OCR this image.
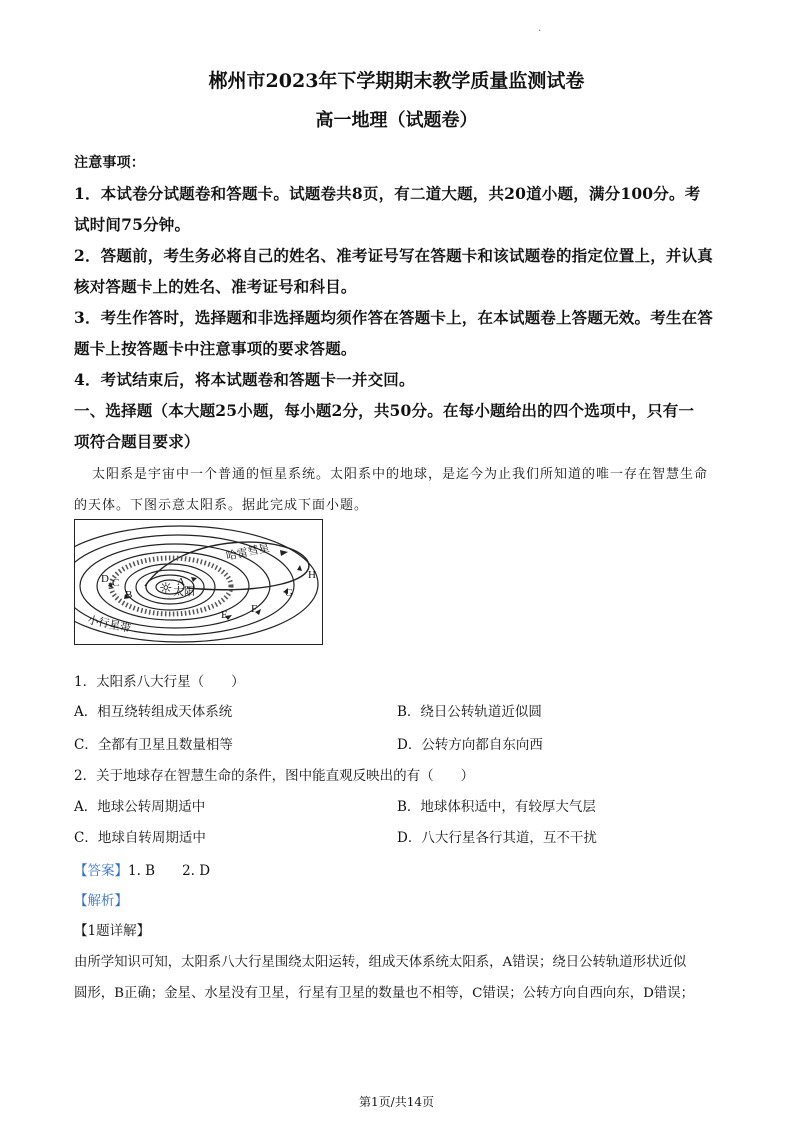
·
郴州市2023年下学期期末教学质量监测试卷
高一地理（试题卷）
注意事项：
1．本试卷分试题卷和答题卡。试题卷共8页，有二道大题，共20道小题，满分100分。考
试时间75分钟。
2．答题前，考生务必将自己的姓名、准考证号写在答题卡和该试题卷的指定位置上，并认真
核对答题卡上的姓名、准考证号和科目。
3．考生作答时，选择题和非选择题均须作答在答题卡上，在本试题卷上答题无效。考生在答
题卡上按答题卡中注意事项的要求答题。
4．考试结束后，将本试题卷和答题卡一并交回。
一、选择题（本大题25小题，每小题2分，共50分。在每小题给出的四个选项中，只有一
项符合题目要求）
太阳系是宇宙中一个普通的恒星系统。太阳系中的地球，是迄今为止我们所知道的唯一存在智慧生命
的天体。下图示意太阳系。据此完成下面小题。
☼ 太阳
A
B
C
D
E F
G
H
哈雷彗星
小行星带
1．太阳系八大行星（　　）
A．相互绕转组成天体系统	B．绕日公转轨道近似圆
C．全都有卫星且数量相等	D．公转方向都自东向西
2．关于地球存在智慧生命的条件，图中能直观反映出的有（　　）
A．地球公转周期适中	B．地球体积适中，有较厚大气层
C．地球自转周期适中	D．八大行星各行其道，互不干扰
【答案】1. B　　2. D
【解析】
【1题详解】
由所学知识可知，太阳系八大行星围绕太阳运转，组成天体系统太阳系，A错误；绕日公转轨道形状近似
圆形，B正确；金星、水星没有卫星，行星有卫星的数量也不相等，C错误；公转方向自西向东，D错误；
第1页/共14页
